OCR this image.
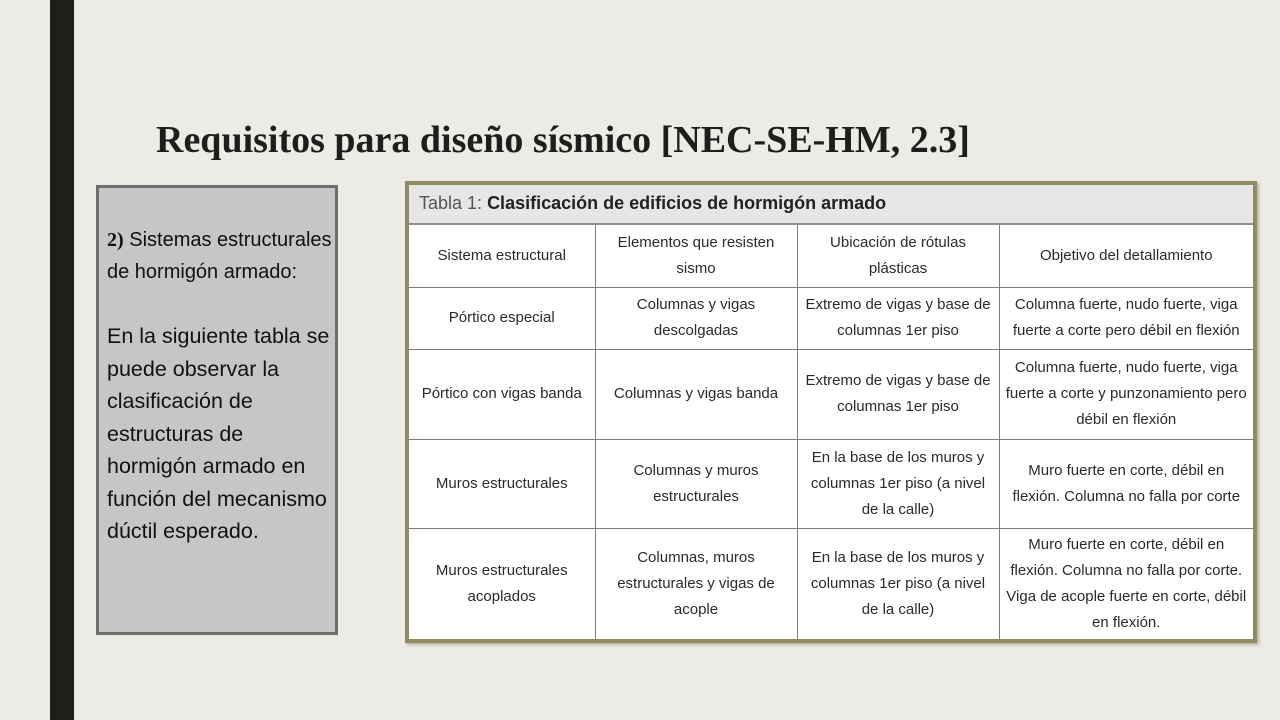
Requisitos para diseño sísmico [NEC-SE-HM, 2.3]
2) Sistemas estructurales de hormigón armado:
En la siguiente tabla se puede observar la clasificación de estructuras de hormigón armado en función del mecanismo dúctil esperado.
Tabla 1: Clasificación de edificios de hormigón armado
Sistema estructural	Elementos que resisten sismo	Ubicación de rótulas plásticas	Objetivo del detallamiento
Pórtico especial	Columnas y vigas descolgadas	Extremo de vigas y base de columnas 1er piso	Columna fuerte, nudo fuerte, viga fuerte a corte pero débil en flexión
Pórtico con vigas banda	Columnas y vigas banda	Extremo de vigas y base de columnas 1er piso	Columna fuerte, nudo fuerte, viga fuerte a corte y punzonamiento pero débil en flexión
Muros estructurales	Columnas y muros estructurales	En la base de los muros y columnas 1er piso (a nivel de la calle)	Muro fuerte en corte, débil en flexión. Columna no falla por corte
Muros estructurales acoplados	Columnas, muros estructurales y vigas de acople	En la base de los muros y columnas 1er piso (a nivel de la calle)	Muro fuerte en corte, débil en flexión. Columna no falla por corte. Viga de acople fuerte en corte, débil en flexión.
